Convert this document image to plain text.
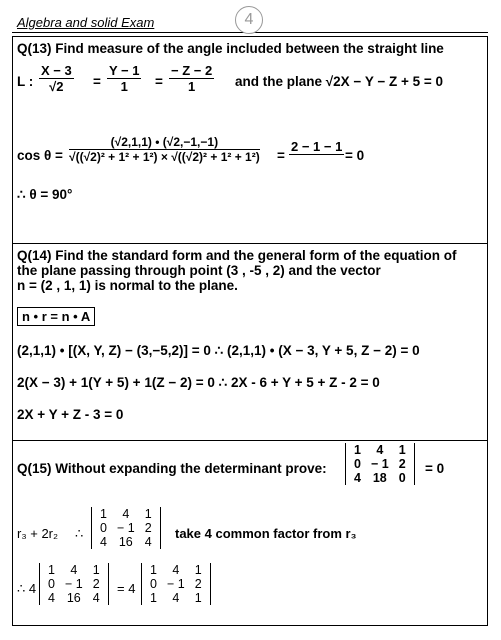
Algebra and solid Exam	4
Q(13) Find measure of the angle included between the straight line
L : $\frac{X - 3}{√2} = \frac{Y - 1}{1} = \frac{- Z - 2}{1}$ and the plane √2X − Y − Z + 5 = 0
$\cos \theta = \frac{(√2,1,1) • (√2,-1,-1)}{\text{√((√2)² + 1² + 1²) × √((√2)² + 1² + 1²)}}$ =
2 − 1 − 1
= 0
∴ θ = 90°
Q(14) Find the standard form and the general form of the equation of
the plane passing through point (3 , -5 , 2) and the vector
n = (2 , 1, 1) is normal to the plane.
n • r = n • A
(2,1,1) • [(X, Y, Z) − (3,−5,2)] = 0 ∴ (2,1,1) • (X − 3, Y + 5, Z − 2) = 0
2(X − 3) + 1(Y + 5) + 1(Z − 2) = 0 ∴ 2X - 6 + Y + 5 + Z - 2 = 0
2X + Y + Z - 3 = 0
Q(15) Without expanding the determinant prove:
1	4	1
0	− 1	2
4	18	0
= 0
r₃ + 2r₂ ∴
1	4	1
0	− 1	2
4	16	4
take 4 common factor from r₃
∴ 4
1	4	1
0	− 1	2
4	16	4
= 4
1	4	1
0	− 1	2
1	4	1
